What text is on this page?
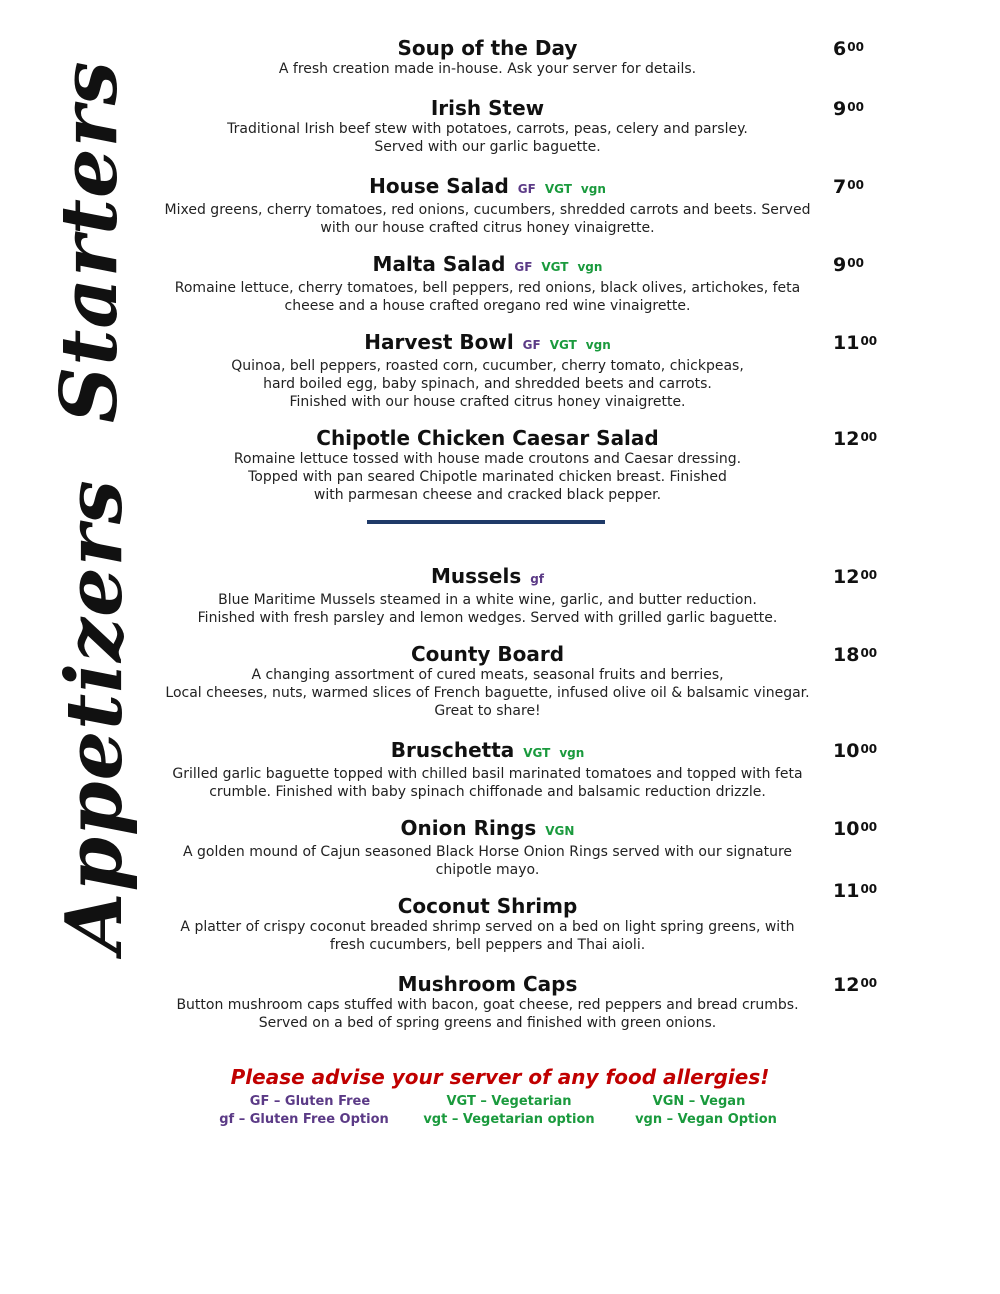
Starters
Appetizers
Soup of the Day
A fresh creation made in-house. Ask your server for details.
$6^{00}$
Irish Stew
Traditional Irish beef stew with potatoes, carrots, peas, celery and parsley.
Served with our garlic baguette.
$9^{00}$
House Salad GF VGT vgn
Mixed greens, cherry tomatoes, red onions, cucumbers, shredded carrots and beets. Served
with our house crafted citrus honey vinaigrette.
$7^{00}$
Malta Salad GF VGT vgn
Romaine lettuce, cherry tomatoes, bell peppers, red onions, black olives, artichokes, feta
cheese and a house crafted oregano red wine vinaigrette.
$9^{00}$
Harvest Bowl GF VGT vgn
Quinoa, bell peppers, roasted corn, cucumber, cherry tomato, chickpeas,
hard boiled egg, baby spinach, and shredded beets and carrots.
Finished with our house crafted citrus honey vinaigrette.
$11^{00}$
Chipotle Chicken Caesar Salad
Romaine lettuce tossed with house made croutons and Caesar dressing.
Topped with pan seared Chipotle marinated chicken breast. Finished
with parmesan cheese and cracked black pepper.
$12^{00}$
Mussels gf
Blue Maritime Mussels steamed in a white wine, garlic, and butter reduction.
Finished with fresh parsley and lemon wedges. Served with grilled garlic baguette.
$12^{00}$
County Board
A changing assortment of cured meats, seasonal fruits and berries,
Local cheeses, nuts, warmed slices of French baguette, infused olive oil & balsamic vinegar.
Great to share!
$18^{00}$
Bruschetta VGT vgn
Grilled garlic baguette topped with chilled basil marinated tomatoes and topped with feta
crumble. Finished with baby spinach chiffonade and balsamic reduction drizzle.
$10^{00}$
Onion Rings VGN
A golden mound of Cajun seasoned Black Horse Onion Rings served with our signature
chipotle mayo.
$10^{00}$
Coconut Shrimp
A platter of crispy coconut breaded shrimp served on a bed on light spring greens, with
fresh cucumbers, bell peppers and Thai aioli.
$11^{00}$
Mushroom Caps
Button mushroom caps stuffed with bacon, goat cheese, red peppers and bread crumbs.
Served on a bed of spring greens and finished with green onions.
$12^{00}$
Please advise your server of any food allergies!
GF – Gluten Free
gf – Gluten Free Option
VGT – Vegetarian
vgt – Vegetarian option
VGN – Vegan
vgn – Vegan Option
